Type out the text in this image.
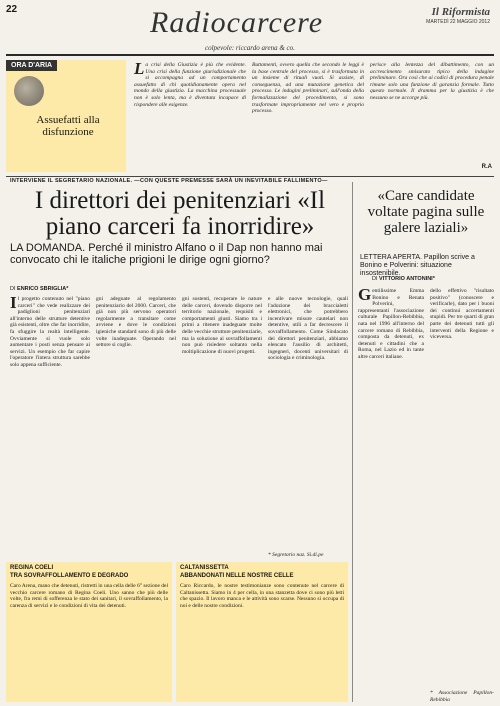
22	Radiocarcere
colpevole: riccardo arena & co.
Il Riformista
MARTEDÌ 22 MAGGIO 2012
ORA D'ARIA
Assuefatti alla disfunzione
La crisi della Giustizia è più che evidente. Una crisi della funzione giurisdizionale che si accompagna ad un comportamento assuefatto di chi quotidianamente opera nel mondo della giustizia. La macchina processuale non è solo lenta, ma è diventata incapace di rispondere alle esigenze.
Buttamenti, ovvero quella che secondo le leggi è la base centrale del processo, si è trasformata in un insieme di rituali vuoti. Si assiste, di conseguenza, ad una mutazione genetica del processo. Le indagini preliminari, sull'onda della formalizzazione del procedimento, si sono trasformate impropriamente nel vero e proprio processo.
perisce alla lentezza del dibattimento, con un accrescimento smisurato tipico della indagine preliminare. Ora così che ai codici di procedura penale rimane solo una funzione di garanzia formale. Tutto questo normale. Il dramma per la giustizia è che nessuno se ne accorge più.
R.A
INTERVIENE IL SEGRETARIO NAZIONALE. —CON QUESTE PREMESSE SARÀ UN INEVITABILE FALLIMENTO—
I direttori dei penitenziari «Il piano carceri fa inorridire»
LA DOMANDA. Perché il ministro Alfano o il Dap non hanno mai convocato chi le italiche prigioni le dirige ogni giorno?
DI ENRICO SBRIGLIA*
Il progetto contenuto nel "piano carceri" che vede realizzare dei padiglioni penitenziari all'interno delle strutture detentive già esistenti, oltre che far inorridire, fa sfuggire la realtà intelligente. Ovviamente si vuole solo aumentare i posti senza pensare ai servizi. Un esempio che far capire l'operatore l'intera struttura sarebbe solo appena sufficiente.
gni adeguate al regolamento penitenziario del 2000. Carceri, che già non più servono operatori regolarmente a transitare come avviene e dove le condizioni igieniche standard sono di più delle volte inadeguate. Operando nel settore si coglie.
gni sostenti, recuperare le nature delle carceri, dovendo disporre nel territorio nazionale, requisiti e comportamenti giusti. Siamo tra i primi a ritenere inadeguate molte delle vecchie strutture penitenziarie, ma la soluzione ai sovraffollamenti non può risiedere soltanto nella moltiplicazione di nuovi progetti.
e alle nuove tecnologie, quali l'adozione dei braccialetti elettronici, che potrebbero incentivare misure cautelari non detentive, utili a far decrescere il sovraffollamento. Come Sindacato dei direttori penitenziari, abbiamo elencato l'ausilio di architetti, ingegneri, docenti universitari di sociologia e criminologia.
* Segretario naz. Si.di.pe
«Care candidate voltate pagina sulle galere laziali»
LETTERA APERTA. Papillon scrive a Bonino e Polverini: situazione insostenibile.
DI VITTORIO ANTONINI*
Gentilissime Emma Bonino e Renata Polverini, rappresentanti l'associazione culturale Papillon-Rebibbia, nata nel 1996 all'interno del carcere romano di Rebibbia, composta da detenuti, ex detenuti e cittadini che a Roma, nel Lazio ed in tante altre carceri italiane.
dello effettivo "risultato positivo" (conoscere e verificarle), dato per i buoni dei continui accertamenti stupidi. Per tre quarti di gran parte dei detenuti tutti gli interventi della Regione e viceversa.
* Associazione Papillon-Rebibbia
REGINA COELI
TRA SOVRAFFOLLAMENTO E DEGRADO
Caro Arena, mano che detenuti, ristretti in una cella delle 6° sezione del vecchio carcere romano di Regina Coeli. Uno sanno che più delle volte, fra remi di sofferenza le stato dei sanitari, il sovraffollamento, la carenza di servizi e le condizioni di vita dei detenuti.
CALTANISSETTA
ABBANDONATI NELLE NOSTRE CELLE
Caro Riccardo, le nostre testimonianze sono contenute nel carcere di Caltanissetta. Siamo in 4 per cella, in una stanzetta dove ci sono più letti che spazio. Il lavoro manca e le attività sono scarse. Nessuno si occupa di noi e delle nostre condizioni.
